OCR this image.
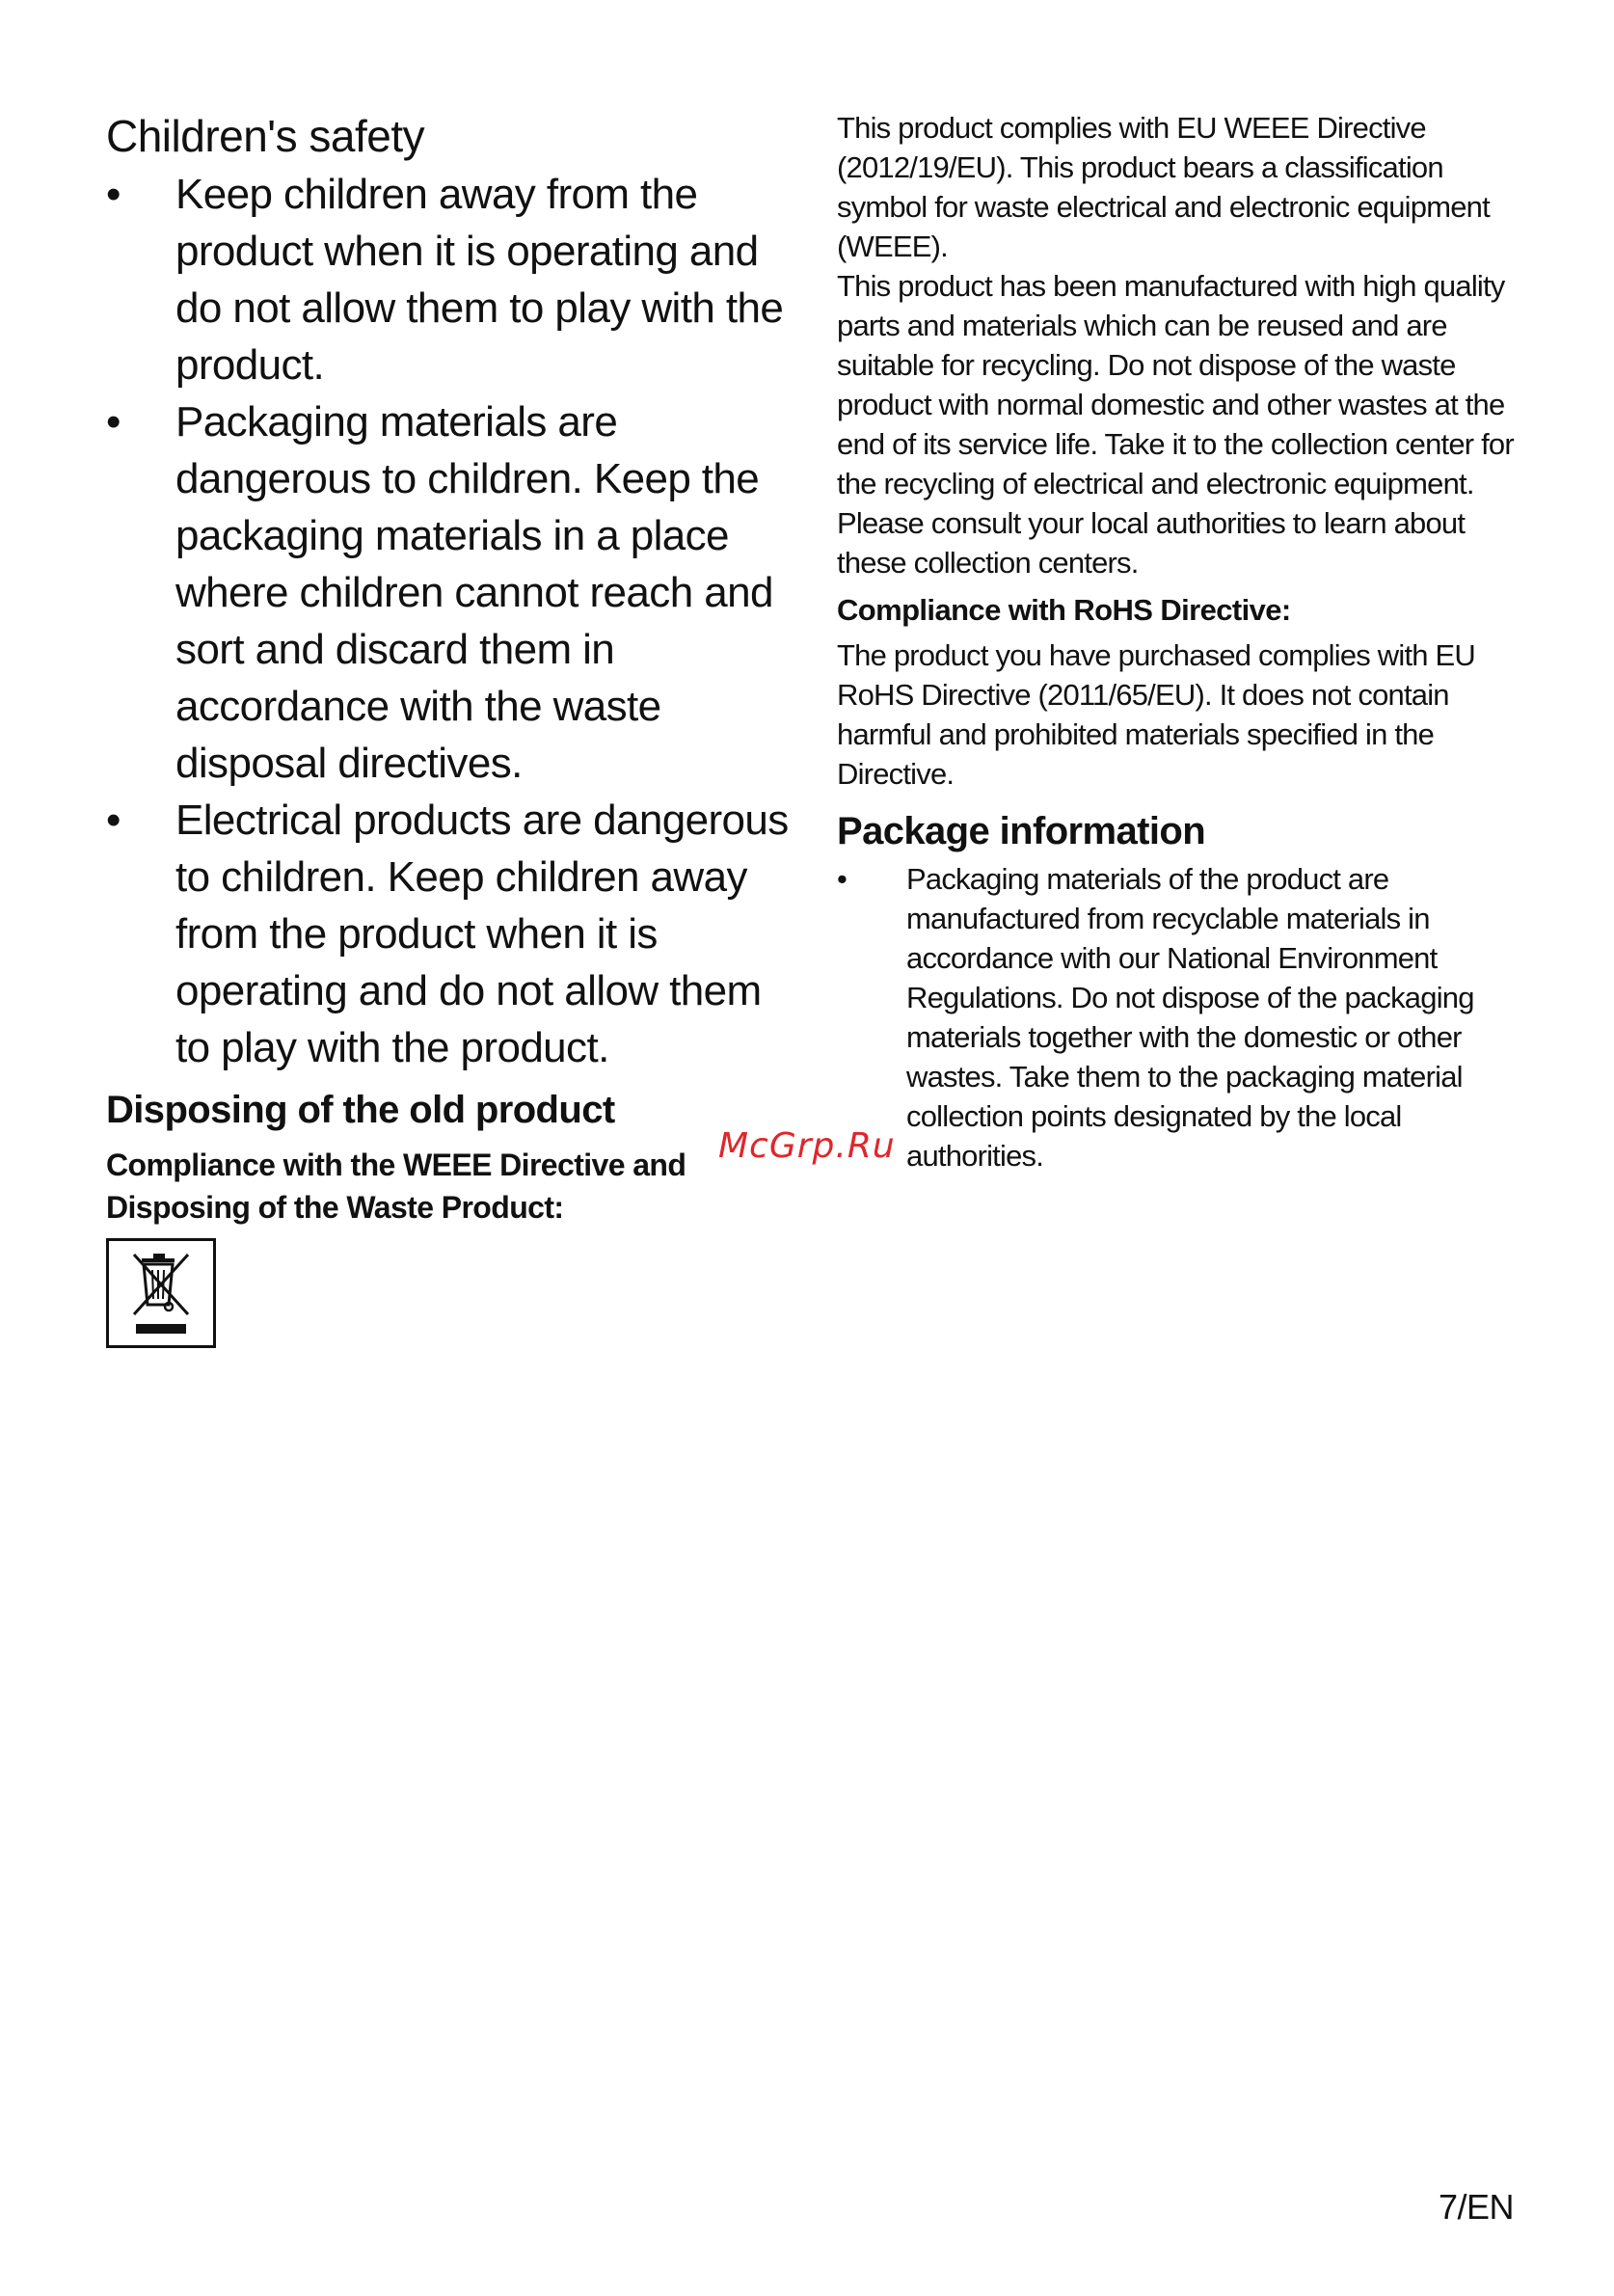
Children's safety
•	Keep children away from the product when it is operating and do not allow them to play with the product.
•	Packaging materials are dangerous to children. Keep the packaging materials in a place where children cannot reach and sort and discard them in accordance with the waste disposal directives.
•	Electrical products are dangerous to children. Keep children away from the product when it is operating and do not allow them to play with the product.
Disposing of the old product

Compliance with the WEEE Directive and Disposing of the Waste Product:

This product complies with EU WEEE Directive (2012/19/EU). This product bears a classification symbol for waste electrical and electronic equipment (WEEE).

This product has been manufactured with high quality parts and materials which can be reused and are suitable for recycling. Do not dispose of the waste product with normal domestic and other wastes at the end of its service life. Take it to the collection center for the recycling of electrical and electronic equipment. Please consult your local authorities to learn about these collection centers.

Compliance with RoHS Directive:

The product you have purchased complies with EU RoHS Directive (2011/65/EU). It does not contain harmful and prohibited materials specified in the Directive.

Package information
• Packaging materials of the product are manufactured from recyclable materials in accordance with our National Environment Regulations. Do not dispose of the packaging materials together with the domestic or other wastes. Take them to the packaging material collection points designated by the local authorities.
McGrp.Ru
7/EN
